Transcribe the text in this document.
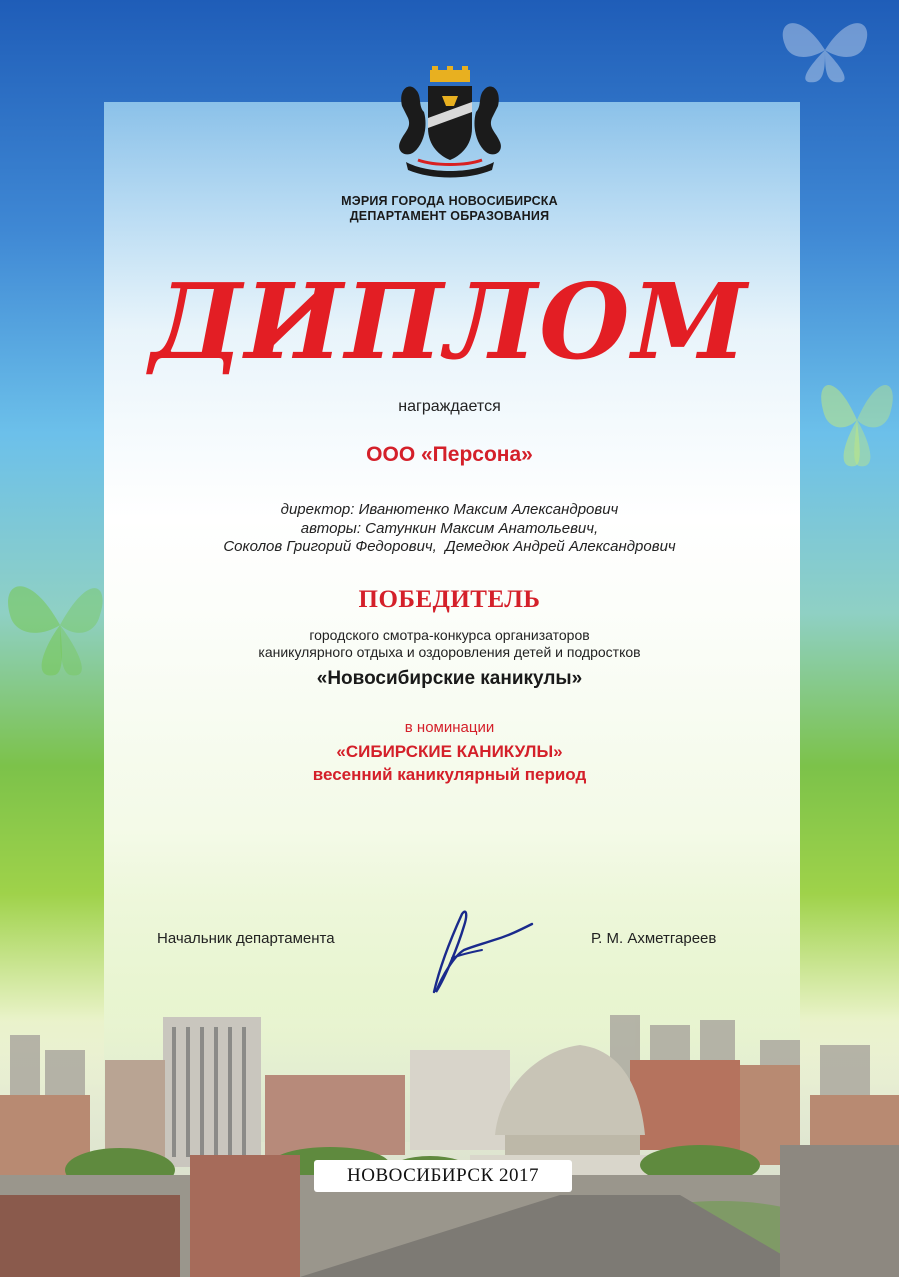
МЭРИЯ ГОРОДА НОВОСИБИРСКА
ДЕПАРТАМЕНТ ОБРАЗОВАНИЯ
ДИПЛОМ
награждается
ООО «Персона»
директор: Иванютенко Максим Александрович
авторы: Сатункин Максим Анатольевич,
Соколов Григорий Федорович,  Демедюк Андрей Александрович
ПОБЕДИТЕЛЬ
городского смотра-конкурса организаторов
каникулярного отдыха и оздоровления детей и подростков
«Новосибирские каникулы»
в номинации
«СИБИРСКИЕ КАНИКУЛЫ»
весенний каникулярный период
Начальник департамента	Р. М. Ахметгареев
НОВОСИБИРСК 2017
